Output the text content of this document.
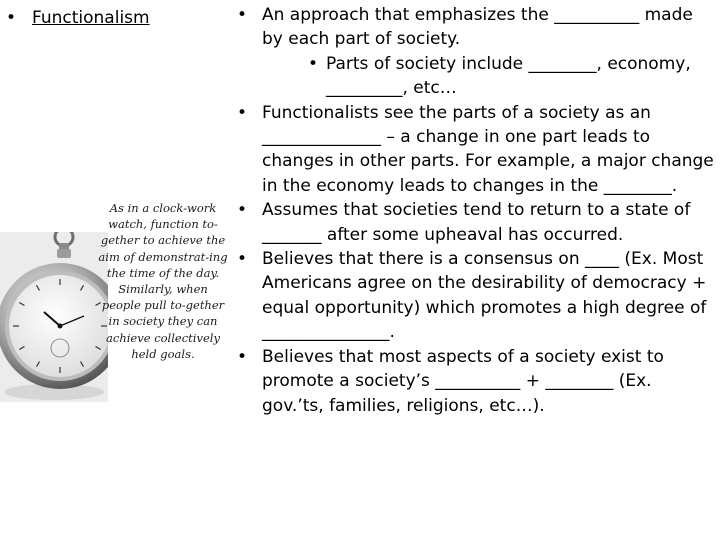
• Functionalism
As in a clock-work watch, function to-gether to achieve the aim of demonstrat-ing the time of the day. Similarly, when people pull to-gether in society they can achieve collectively held goals.
• An approach that emphasizes the __________ made by each part of society.
• Parts of society include ________, economy, _________, etc…
• Functionalists see the parts of a society as an ______________ – a change in one part leads to changes in other parts. For example, a major change in the economy leads to changes in the ________.
• Assumes that societies tend to return to a state of _______ after some upheaval has occurred.
• Believes that there is a consensus on ____ (Ex. Most Americans agree on the desirability of democracy + equal opportunity) which promotes a high degree of _______________.
• Believes that most aspects of a society exist to promote a society’s __________ + ________ (Ex. gov.’ts, families, religions, etc…).
